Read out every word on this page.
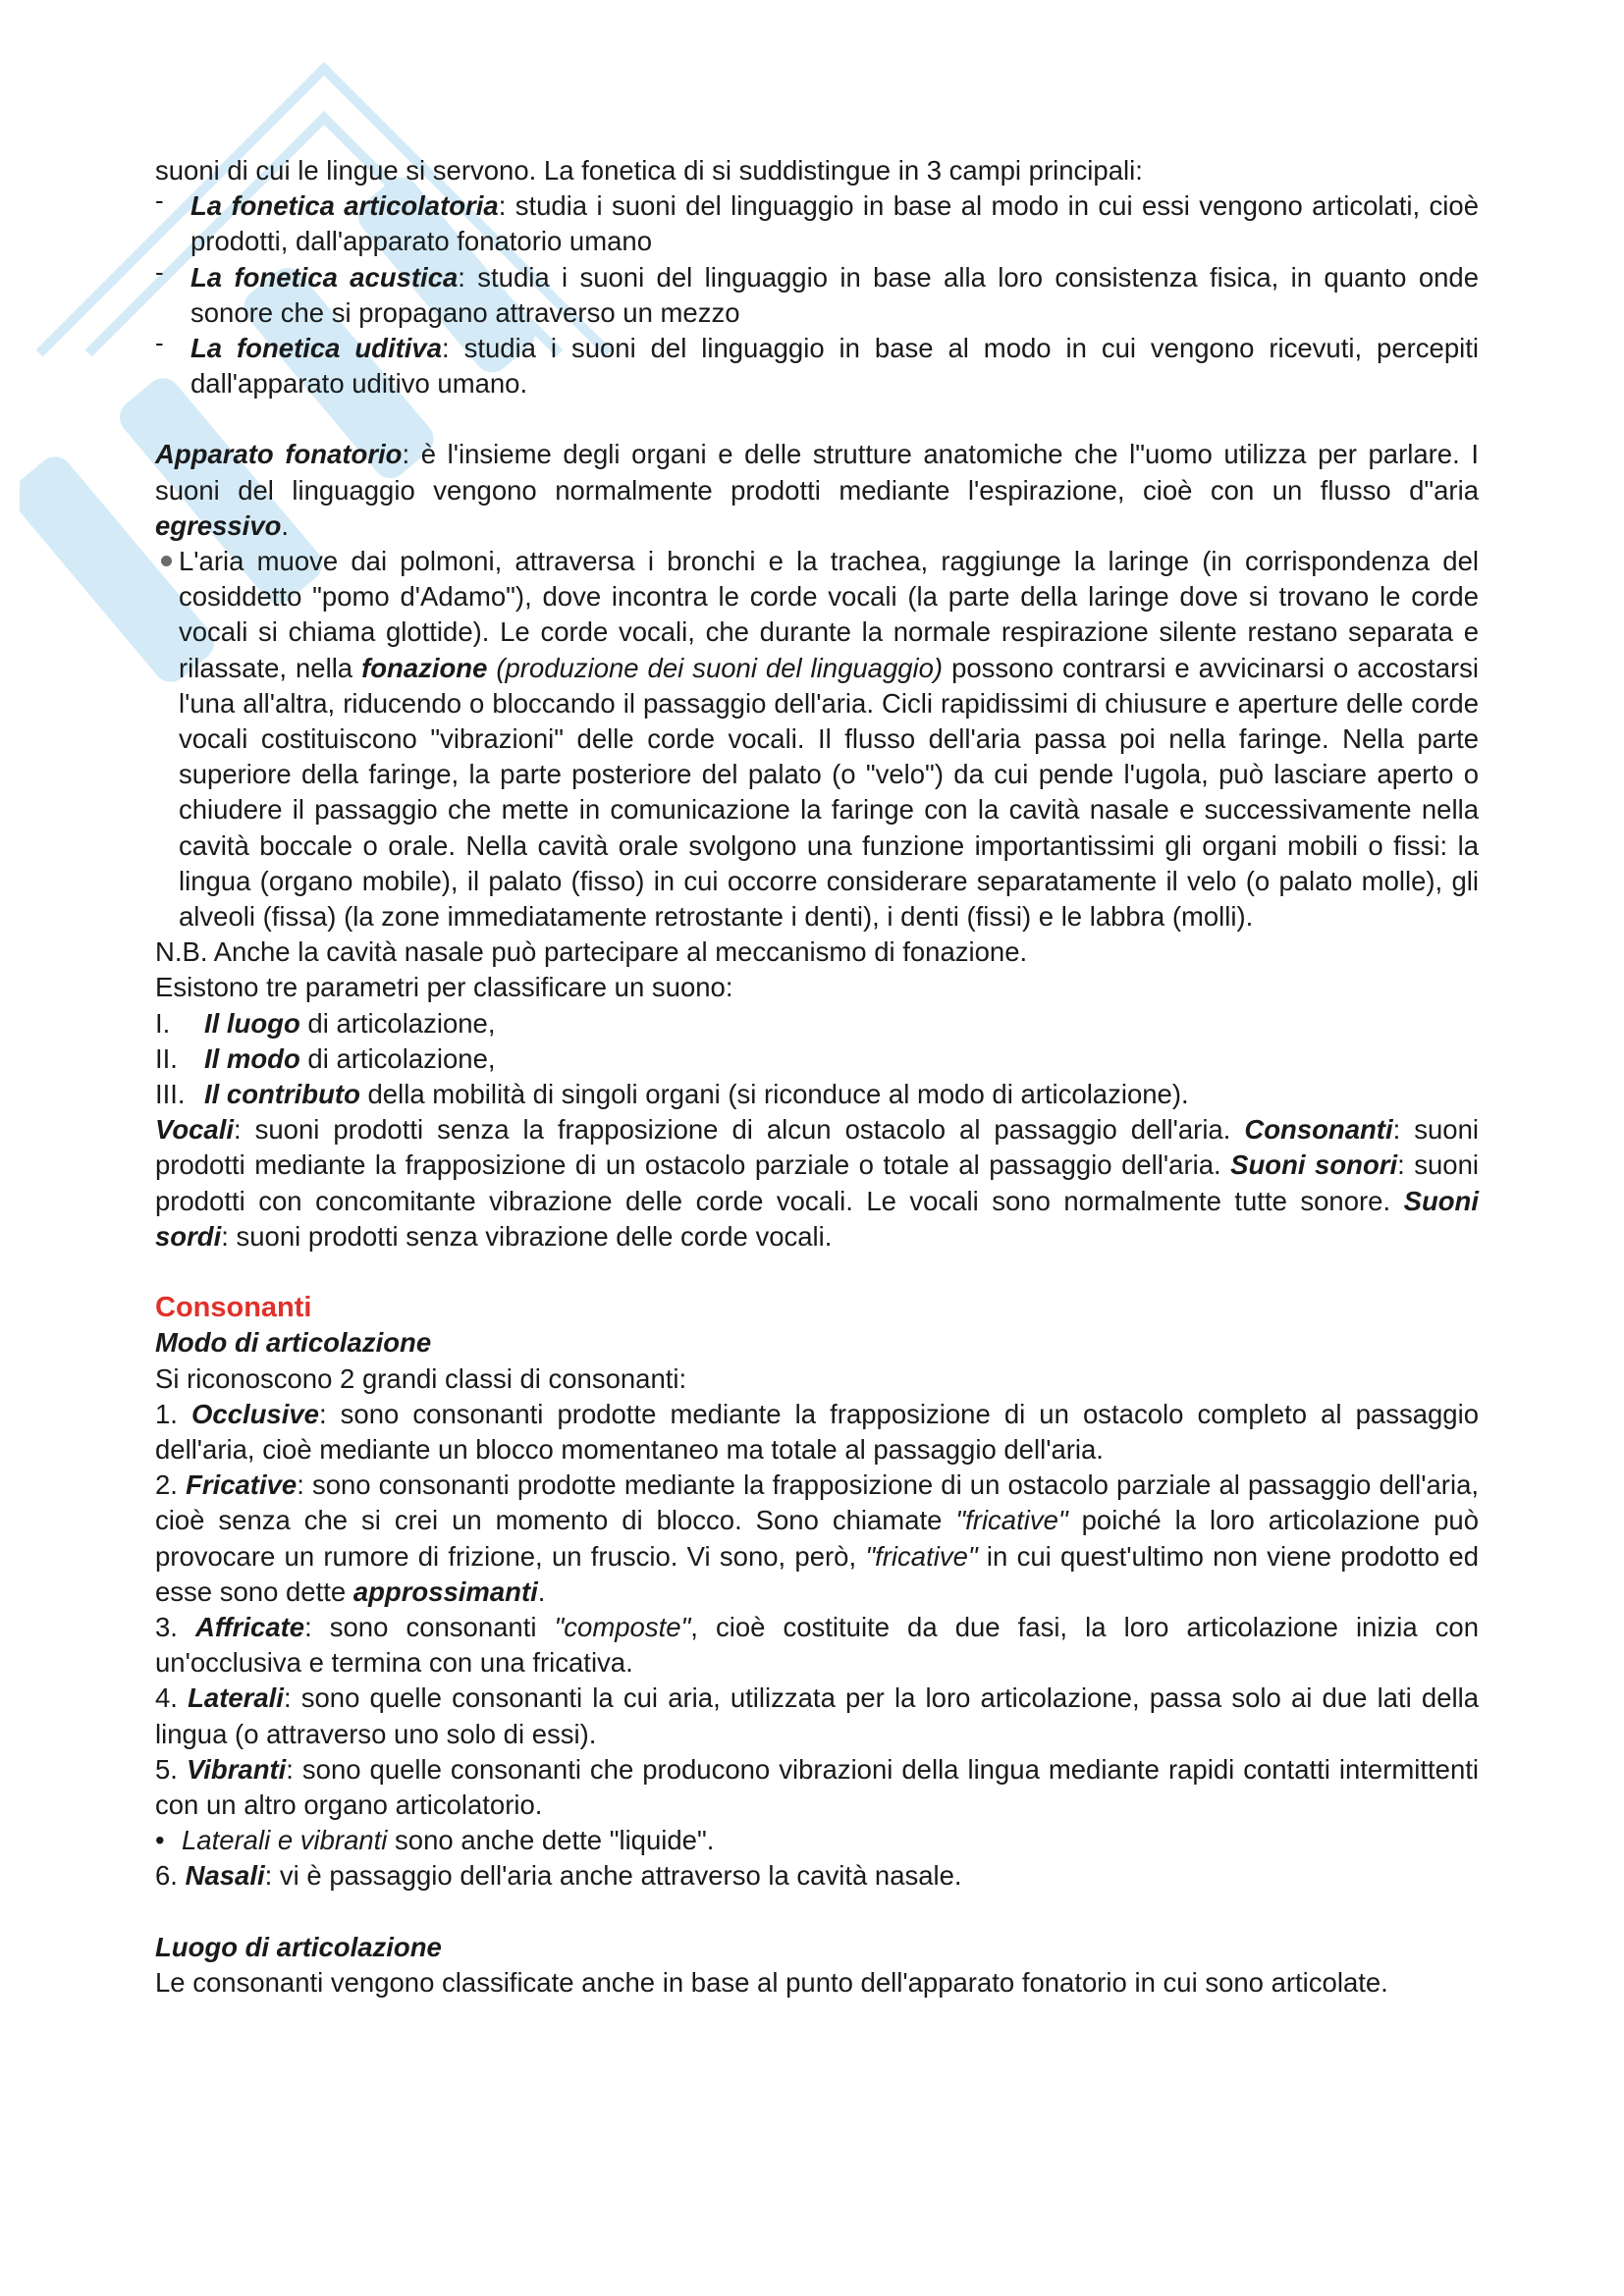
suoni di cui le lingue si servono. La fonetica di si suddistingue in 3 campi principali:

- La fonetica articolatoria: studia i suoni del linguaggio in base al modo in cui essi vengono articolati, cioè prodotti, dall'apparato fonatorio umano

- La fonetica acustica: studia i suoni del linguaggio in base alla loro consistenza fisica, in quanto onde sonore che si propagano attraverso un mezzo

- La fonetica uditiva: studia i suoni del linguaggio in base al modo in cui vengono ricevuti, percepiti dall'apparato uditivo umano.

Apparato fonatorio: è l'insieme degli organi e delle strutture anatomiche che l"uomo utilizza per parlare. I suoni del linguaggio vengono normalmente prodotti mediante l'espirazione, cioè con un flusso d"aria egressivo.

L'aria muove dai polmoni, attraversa i bronchi e la trachea, raggiunge la laringe (in corrispondenza del cosiddetto "pomo d'Adamo"), dove incontra le corde vocali (la parte della laringe dove si trovano le corde vocali si chiama glottide). Le corde vocali, che durante la normale respirazione silente restano separata e rilassate, nella fonazione (produzione dei suoni del linguaggio) possono contrarsi e avvicinarsi o accostarsi l'una all'altra, riducendo o bloccando il passaggio dell'aria. Cicli rapidissimi di chiusure e aperture delle corde vocali costituiscono "vibrazioni" delle corde vocali. Il flusso dell'aria passa poi nella faringe. Nella parte superiore della faringe, la parte posteriore del palato (o "velo") da cui pende l'ugola, può lasciare aperto o chiudere il passaggio che mette in comunicazione la faringe con la cavità nasale e successivamente nella cavità boccale o orale. Nella cavità orale svolgono una funzione importantissimi gli organi mobili o fissi: la lingua (organo mobile), il palato (fisso) in cui occorre considerare separatamente il velo (o palato molle), gli alveoli (fissa) (la zone immediatamente retrostante i denti), i denti (fissi) e le labbra (molli).

N.B. Anche la cavità nasale può partecipare al meccanismo di fonazione.

Esistono tre parametri per classificare un suono:

I. Il luogo di articolazione,

II. Il modo di articolazione,

III. Il contributo della mobilità di singoli organi (si riconduce al modo di articolazione).

Vocali: suoni prodotti senza la frapposizione di alcun ostacolo al passaggio dell'aria. Consonanti: suoni prodotti mediante la frapposizione di un ostacolo parziale o totale al passaggio dell'aria. Suoni sonori: suoni prodotti con concomitante vibrazione delle corde vocali. Le vocali sono normalmente tutte sonore. Suoni sordi: suoni prodotti senza vibrazione delle corde vocali.

Consonanti

Modo di articolazione

Si riconoscono 2 grandi classi di consonanti:

1. Occlusive: sono consonanti prodotte mediante la frapposizione di un ostacolo completo al passaggio dell'aria, cioè mediante un blocco momentaneo ma totale al passaggio dell'aria.

2. Fricative: sono consonanti prodotte mediante la frapposizione di un ostacolo parziale al passaggio dell'aria, cioè senza che si crei un momento di blocco. Sono chiamate "fricative" poiché la loro articolazione può provocare un rumore di frizione, un fruscio. Vi sono, però, "fricative" in cui quest'ultimo non viene prodotto ed esse sono dette approssimanti.

3. Affricate: sono consonanti "composte", cioè costituite da due fasi, la loro articolazione inizia con un'occlusiva e termina con una fricativa.

4. Laterali: sono quelle consonanti la cui aria, utilizzata per la loro articolazione, passa solo ai due lati della lingua (o attraverso uno solo di essi).

5. Vibranti: sono quelle consonanti che producono vibrazioni della lingua mediante rapidi contatti intermittenti con un altro organo articolatorio.

• Laterali e vibranti sono anche dette "liquide".

6. Nasali: vi è passaggio dell'aria anche attraverso la cavità nasale.

Luogo di articolazione

Le consonanti vengono classificate anche in base al punto dell'apparato fonatorio in cui sono articolate.
